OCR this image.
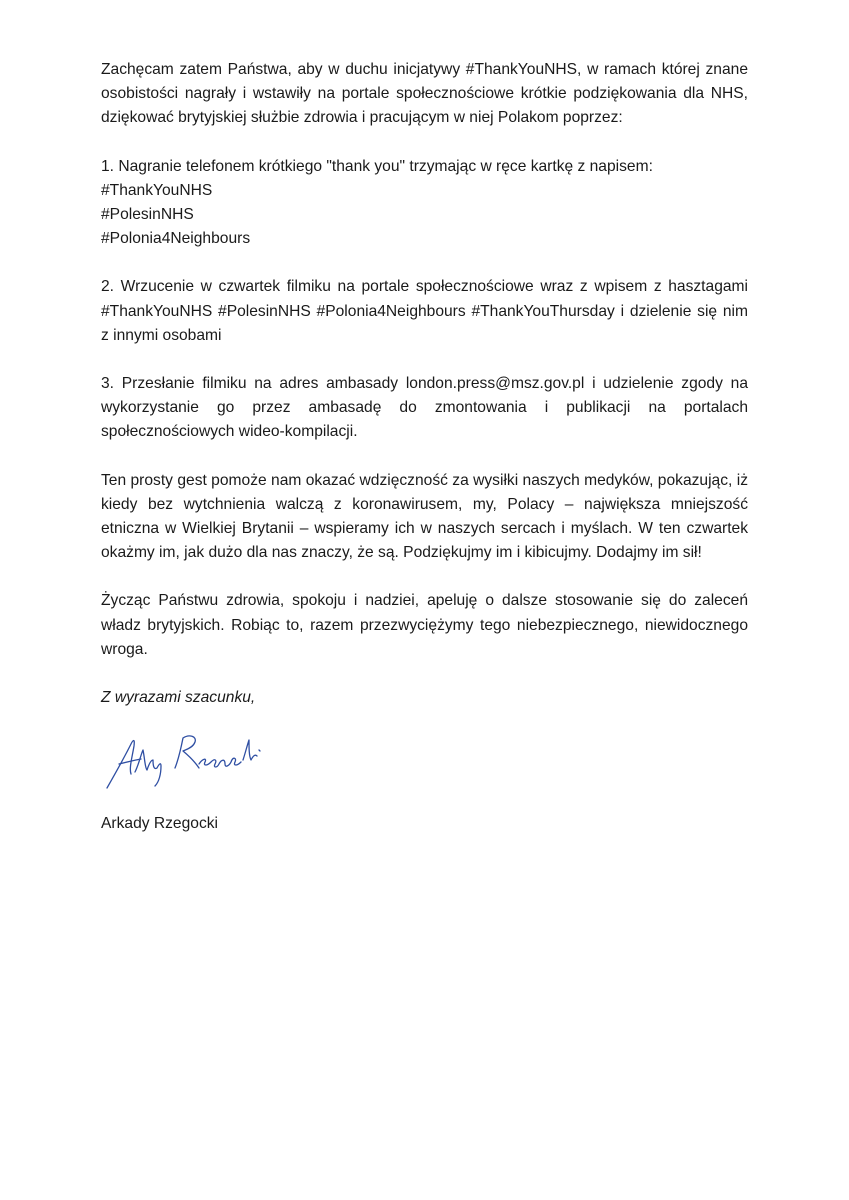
Zachęcam zatem Państwa, aby w duchu inicjatywy #ThankYouNHS, w ramach której znane osobistości nagrały i wstawiły na portale społecznościowe krótkie podziękowania dla NHS, dziękować brytyjskiej służbie zdrowia i pracującym w niej Polakom poprzez:

1. Nagranie telefonem krótkiego "thank you" trzymając w ręce kartkę z napisem:
#ThankYouNHS
#PolesinNHS
#Polonia4Neighbours

2. Wrzucenie w czwartek filmiku na portale społecznościowe wraz z wpisem z hasztagami #ThankYouNHS #PolesinNHS #Polonia4Neighbours #ThankYouThursday i dzielenie się nim z innymi osobami

3. Przesłanie filmiku na adres ambasady london.press@msz.gov.pl i udzielenie zgody na wykorzystanie go przez ambasadę do zmontowania i publikacji na portalach społecznościowych wideo-kompilacji.

Ten prosty gest pomoże nam okazać wdzięczność za wysiłki naszych medyków, pokazując, iż kiedy bez wytchnienia walczą z koronawirusem, my, Polacy – największa mniejszość etniczna w Wielkiej Brytanii – wspieramy ich w naszych sercach i myślach. W ten czwartek okażmy im, jak dużo dla nas znaczy, że są. Podziękujmy im i kibicujmy. Dodajmy im sił!

Życząc Państwu zdrowia, spokoju i nadziei, apeluję o dalsze stosowanie się do zaleceń władz brytyjskich. Robiąc to, razem przezwyciężymy tego niebezpiecznego, niewidocznego wroga.

Z wyrazami szacunku,

Arkady Rzegocki
